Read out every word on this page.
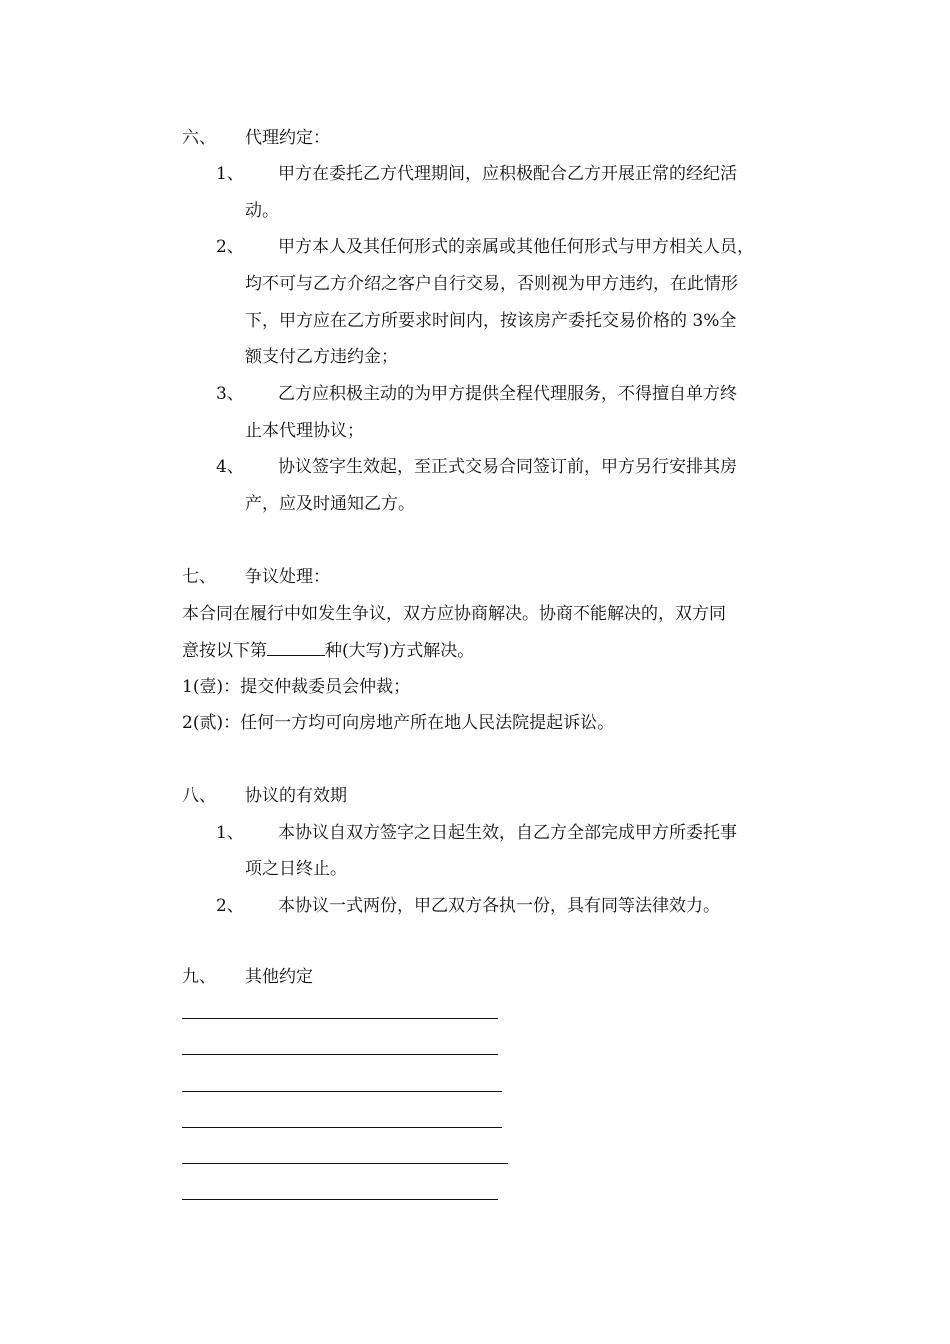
六、 代理约定：
1、 甲方在委托乙方代理期间，应积极配合乙方开展正常的经纪活
动。
2、 甲方本人及其任何形式的亲属或其他任何形式与甲方相关人员，
均不可与乙方介绍之客户自行交易，否则视为甲方违约，在此情形
下，甲方应在乙方所要求时间内，按该房产委托交易价格的 3%全
额支付乙方违约金；
3、 乙方应积极主动的为甲方提供全程代理服务，不得擅自单方终
止本代理协议；
4、 协议签字生效起，至正式交易合同签订前，甲方另行安排其房
产，应及时通知乙方。
七、 争议处理：
本合同在履行中如发生争议，双方应协商解决。协商不能解决的，双方同
意按以下第	种(大写)方式解决。
1(壹)：提交仲裁委员会仲裁；
2(贰)：任何一方均可向房地产所在地人民法院提起诉讼。
八、 协议的有效期
1、 本协议自双方签字之日起生效，自乙方全部完成甲方所委托事
项之日终止。
2、 本协议一式两份，甲乙双方各执一份，具有同等法律效力。
九、 其他约定
